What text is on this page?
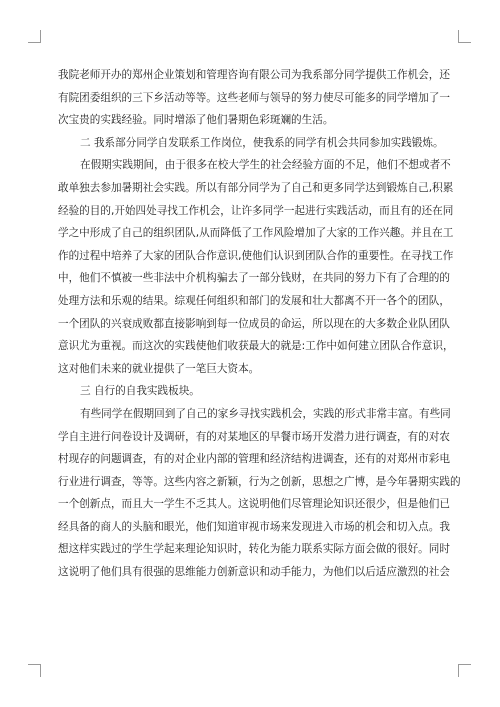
我院老师开办的郑州企业策划和管理咨询有限公司为我系部分同学提供工作机会，还
有院团委组织的三下乡活动等等。这些老师与领导的努力使尽可能多的同学增加了一
次宝贵的实践经验。同时增添了他们暑期色彩斑斓的生活。
二 我系部分同学自发联系工作岗位，使我系的同学有机会共同参加实践锻炼。
在假期实践期间，由于很多在校大学生的社会经验方面的不足，他们不想或者不
敢单独去参加暑期社会实践。所以有部分同学为了自己和更多同学达到锻炼自己,积累
经验的目的,开始四处寻找工作机会，让许多同学一起进行实践活动，而且有的还在同
学之中形成了自己的组织团队,从而降低了工作风险增加了大家的工作兴趣。并且在工
作的过程中培养了大家的团队合作意识,使他们认识到团队合作的重要性。在寻找工作
中，他们不慎被一些非法中介机构骗去了一部分钱财，在共同的努力下有了合理的的
处理方法和乐观的结果。综观任何组织和部门的发展和壮大都离不开一各个的团队，
一个团队的兴衰成败都直接影响到每一位成员的命运，所以现在的大多数企业队团队
意识尤为重视。而这次的实践使他们收获最大的就是:工作中如何建立团队合作意识，
这对他们未来的就业提供了一笔巨大资本。
三 自行的自我实践板块。
有些同学在假期回到了自己的家乡寻找实践机会，实践的形式非常丰富。有些同
学自主进行问卷设计及调研，有的对某地区的早餐市场开发潜力进行调查，有的对农
村现存的问题调查，有的对企业内部的管理和经济结构进调查，还有的对郑州市彩电
行业进行调查，等等。这些内容之新颖，行为之创新，思想之广博，是今年暑期实践的
一个创新点，而且大一学生不乏其人。这说明他们尽管理论知识还很少，但是他们已
经具备的商人的头脑和眼光，他们知道审视市场来发现进入市场的机会和切入点。我
想这样实践过的学生学起来理论知识时，转化为能力联系实际方面会做的很好。同时
这说明了他们具有很强的思维能力创新意识和动手能力，为他们以后适应激烈的社会
